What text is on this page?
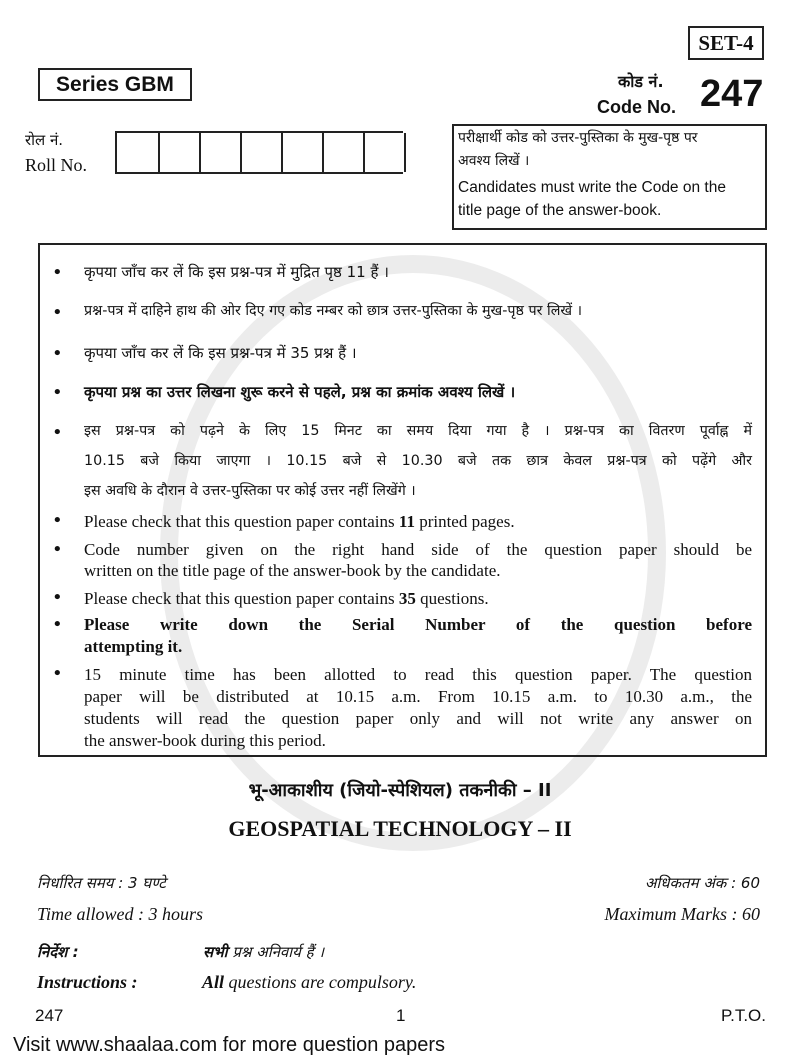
SET-4
Series GBM	कोड नं.
Code No. 247
रोल नं.
Roll No.
परीक्षार्थी कोड को उत्तर-पुस्तिका के मुख-पृष्ठ पर
अवश्य लिखें ।
Candidates must write the Code on the
title page of the answer-book.
• कृपया जाँच कर लें कि इस प्रश्न-पत्र में मुद्रित पृष्ठ 11 हैं ।
• प्रश्न-पत्र में दाहिने हाथ की ओर दिए गए कोड नम्बर को छात्र उत्तर-पुस्तिका के मुख-पृष्ठ पर लिखें ।
• कृपया जाँच कर लें कि इस प्रश्न-पत्र में 35 प्रश्न हैं ।
• कृपया प्रश्न का उत्तर लिखना शुरू करने से पहले, प्रश्न का क्रमांक अवश्य लिखें ।
• इस प्रश्न-पत्र को पढ़ने के लिए 15 मिनट का समय दिया गया है । प्रश्न-पत्र का वितरण पूर्वाह्न में
10.15 बजे किया जाएगा । 10.15 बजे से 10.30 बजे तक छात्र केवल प्रश्न-पत्र को पढ़ेंगे और
इस अवधि के दौरान वे उत्तर-पुस्तिका पर कोई उत्तर नहीं लिखेंगे ।
• Please check that this question paper contains 11 printed pages.
• Code number given on the right hand side of the question paper should be
written on the title page of the answer-book by the candidate.
• Please check that this question paper contains 35 questions.
• Please write down the Serial Number of the question before
attempting it.
• 15 minute time has been allotted to read this question paper. The question
paper will be distributed at 10.15 a.m. From 10.15 a.m. to 10.30 a.m., the
students will read the question paper only and will not write any answer on
the answer-book during this period.
भू-आकाशीय (जियो-स्पेशियल) तकनीकी – II
GEOSPATIAL TECHNOLOGY – II
निर्धारित समय : 3 घण्टे	अधिकतम अंक : 60
Time allowed : 3 hours	Maximum Marks : 60
निर्देश :	सभी प्रश्न अनिवार्य हैं ।
Instructions :	All questions are compulsory.
247	1	P.T.O.
Visit www.shaalaa.com for more question papers
